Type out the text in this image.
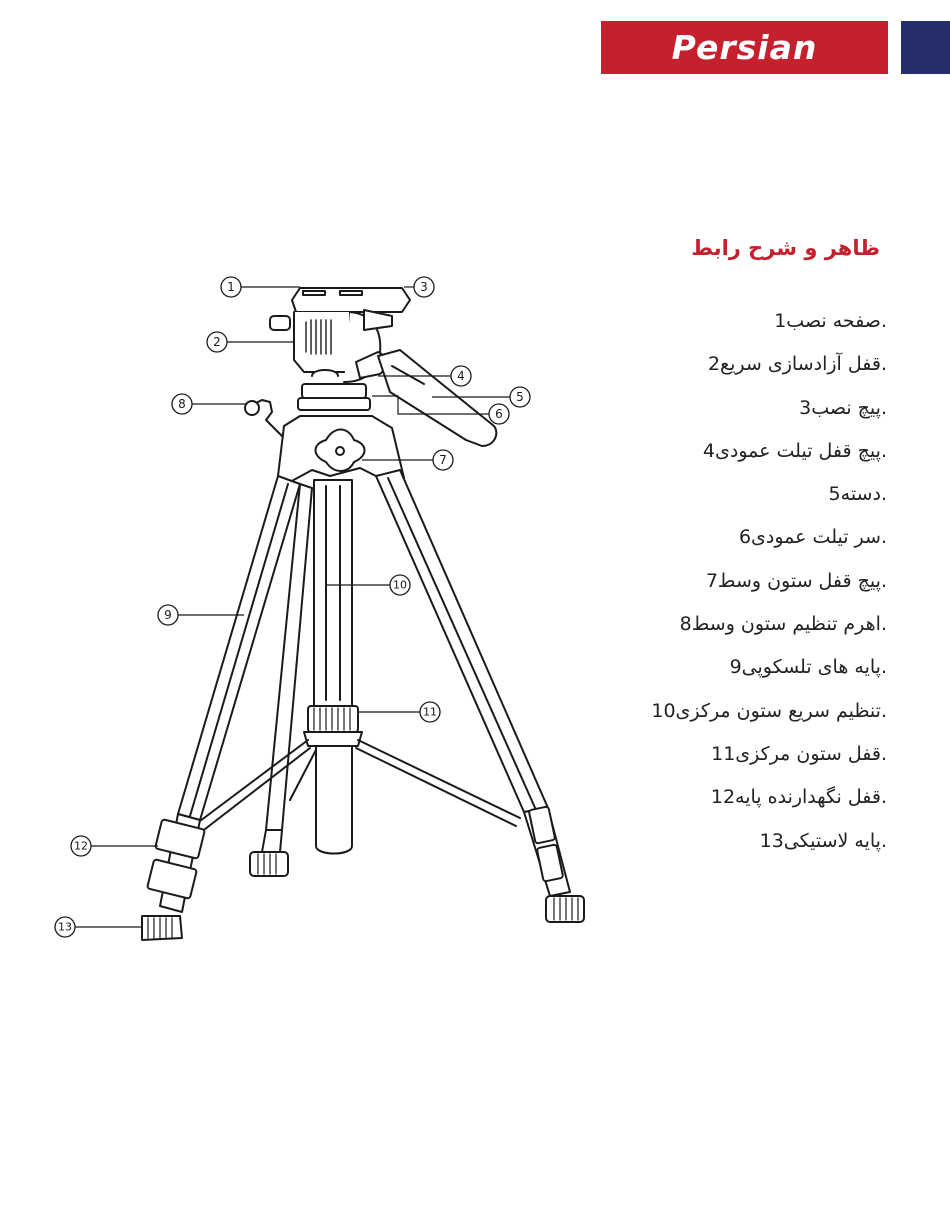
Persian
ظاهر و شرح رابط
صفحه نصب1.
قفل آزادسازی سریع2.
پیچ نصب3.
پیچ قفل تیلت عمودی4.
دسته5.
سر تیلت عمودی6.
پیچ قفل ستون وسط7.
اهرم تنظیم ستون وسط8.
پایه های تلسکوپی9.
تنظیم سریع ستون مرکزی10.
قفل ستون مرکزی11.
قفل نگهدارنده پایه12.
پایه لاستیکی13.
1
2
3
4
5
6
7
8
9
10
11
12
13
